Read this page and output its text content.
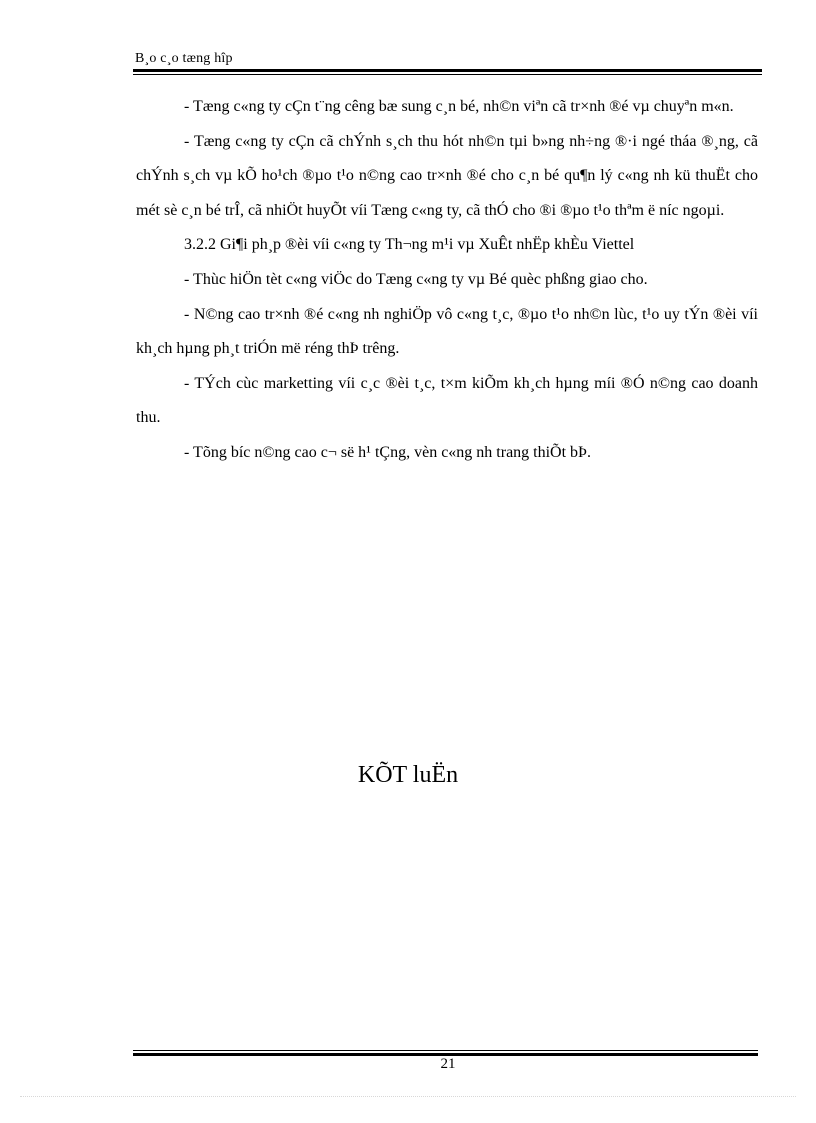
B¸o c¸o tæng hîp

- Tæng c«ng ty cÇn t¨ng cêng bæ sung c¸n bé, nh©n viªn cã tr×nh ®é vµ chuyªn m«n.

- Tæng c«ng ty cÇn cã chÝnh s¸ch thu hót nh©n tµi b»ng nh÷ng ®·i ngé tháa ®¸ng, cã chÝnh s¸ch vµ kÕ ho¹ch ®µo t¹o n©ng cao tr×nh ®é cho c¸n bé qu¶n lý c«ng nh kü thuËt cho mét sè c¸n bé trÎ, cã nhiÖt huyÕt víi Tæng c«ng ty, cã thÓ cho ®i ®µo t¹o thªm ë níc ngoµi.

3.2.2 Gi¶i ph¸p ®èi víi c«ng ty Th¬ng m¹i vµ XuÊt nhËp khÈu Viettel

- Thùc hiÖn tèt c«ng viÖc do Tæng c«ng ty vµ Bé quèc phßng giao cho.

- N©ng cao tr×nh ®é c«ng nh nghiÖp vô c«ng t¸c, ®µo t¹o nh©n lùc, t¹o uy tÝn ®èi víi kh¸ch hµng ph¸t triÓn më réng thÞ trêng.

- TÝch cùc marketting víi c¸c ®èi t¸c, t×m kiÕm kh¸ch hµng míi ®Ó n©ng cao doanh thu.

- Tõng bíc n©ng cao c¬ së h¹ tÇng, vèn c«ng nh trang thiÕt bÞ.

KÕT luËn
21
